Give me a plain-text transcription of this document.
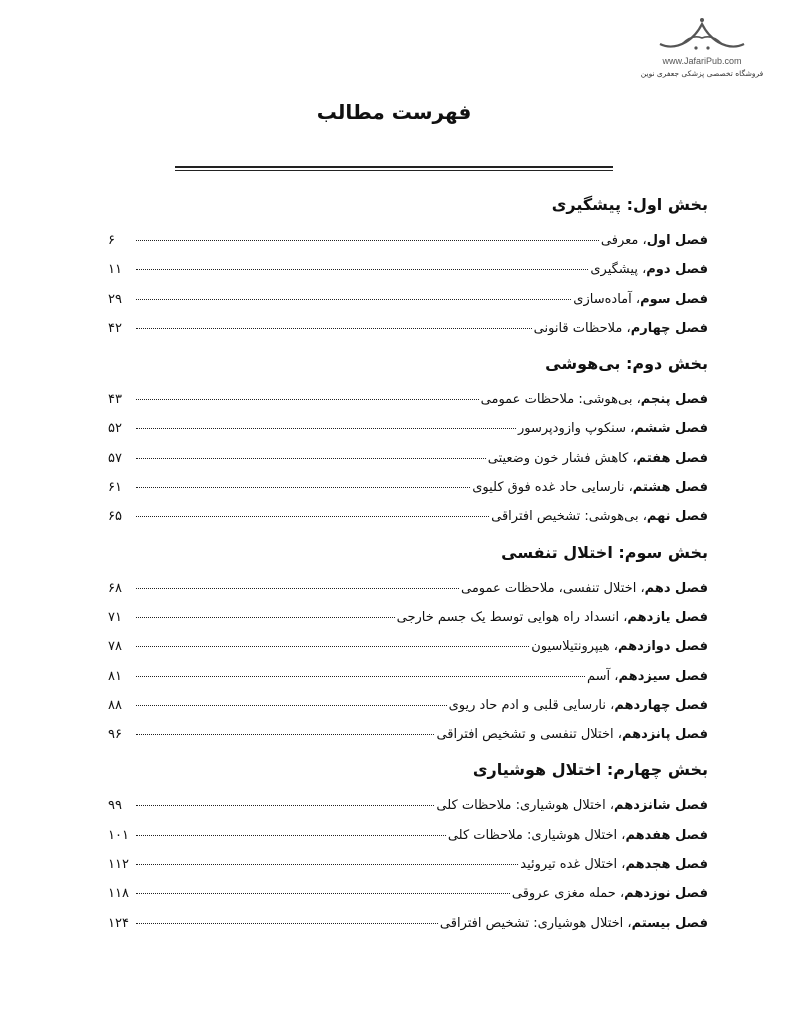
www.JafariPub.com
فروشگاه تخصصی پزشکی جعفری نوین
فهرست مطالب
بخش اول: پیشگیری
فصل اول، معرفی
۶
فصل دوم، پیشگیری
۱۱
فصل سوم، آماده‌سازی
۲۹
فصل چهارم، ملاحظات قانونی
۴۲
بخش دوم: بی‌هوشی
فصل پنجم، بی‌هوشی: ملاحظات عمومی
۴۳
فصل ششم، سنکوپ وازودپرسور
۵۲
فصل هفتم، کاهش فشار خون وضعیتی
۵۷
فصل هشتم، نارسایی حاد غده فوق کلیوی
۶۱
فصل نهم، بی‌هوشی: تشخیص افتراقی
۶۵
بخش سوم: اختلال تنفسی
فصل دهم، اختلال تنفسی، ملاحظات عمومی
۶۸
فصل یازدهم، انسداد راه هوایی توسط یک جسم خارجی
۷۱
فصل دوازدهم، هیپرونتیلاسیون
۷۸
فصل سیزدهم، آسم
۸۱
فصل چهاردهم، نارسایی قلبی و ادم حاد ریوی
۸۸
فصل پانزدهم، اختلال تنفسی و تشخیص افتراقی
۹۶
بخش چهارم: اختلال هوشیاری
فصل شانزدهم، اختلال هوشیاری: ملاحظات کلی
۹۹
فصل هفدهم، اختلال هوشیاری: ملاحظات کلی
۱۰۱
فصل هجدهم، اختلال غده تیروئید
۱۱۲
فصل نوزدهم، حمله مغزی عروقی
۱۱۸
فصل بیستم، اختلال هوشیاری: تشخیص افتراقی
۱۲۴
